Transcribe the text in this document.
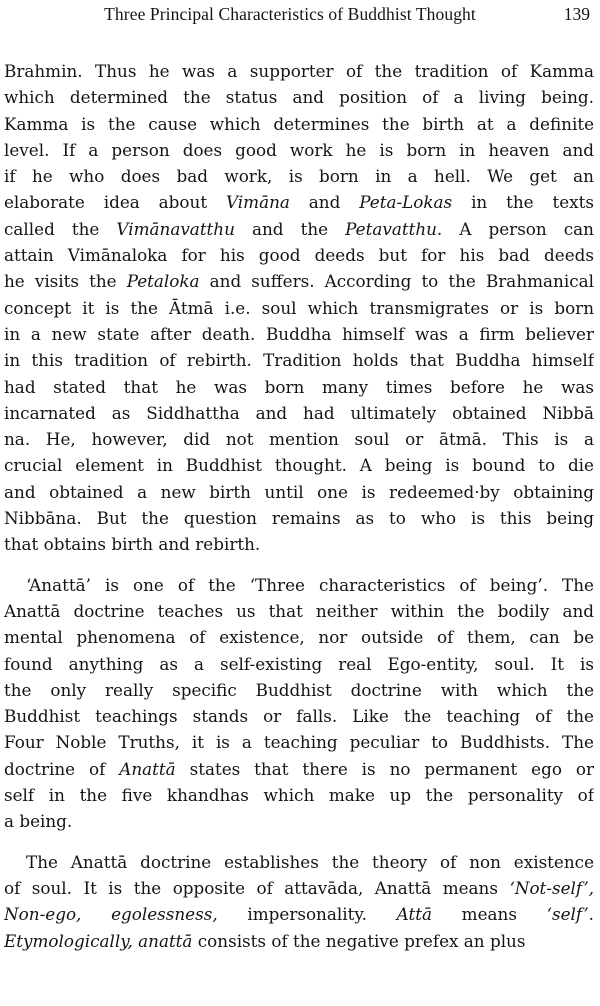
Three Principal Characteristics of Buddhist Thought	139
Brahmin. Thus he was a supporter of the tradition of Kamma
which determined the status and position of a living being.
Kamma is the cause which determines the birth at a definite
level. If a person does good work he is born in heaven and
if he who does bad work, is born in a hell. We get an
elaborate idea about Vimāna and Peta-Lokas in the texts
called the Vimānavatthu and the Petavatthu. A person can
attain Vimānaloka for his good deeds but for his bad deeds
he visits the Petaloka and suffers. According to the Brahmanical
concept it is the Ātmā i.e. soul which transmigrates or is born
in a new state after death. Buddha himself was a firm believer
in this tradition of rebirth. Tradition holds that Buddha himself
had stated that he was born many times before he was
incarnated as Siddhattha and had ultimately obtained Nibbā
na. He, however, did not mention soul or ātmā. This is a
crucial element in Buddhist thought. A being is bound to die
and obtained a new birth until one is redeemed·by obtaining
Nibbāna. But the question remains as to who is this being
that obtains birth and rebirth.
‘Anattā’ is one of the ‘Three characteristics of being’. The
Anattā doctrine teaches us that neither within the bodily and
mental phenomena of existence, nor outside of them, can be
found anything as a self-existing real Ego-entity, soul. It is
the only really specific Buddhist doctrine with which the
Buddhist teachings stands or falls. Like the teaching of the
Four Noble Truths, it is a teaching peculiar to Buddhists. The
doctrine of Anattā states that there is no permanent ego or
self in the five khandhas which make up the personality of
a being.
The Anattā doctrine establishes the theory of non existence
of soul. It is the opposite of attavāda, Anattā means ‘Not-self’,
Non-ego, egolessness, impersonality. Attā means ‘self’.
Etymologically, anattā consists of the negative prefex an plus
